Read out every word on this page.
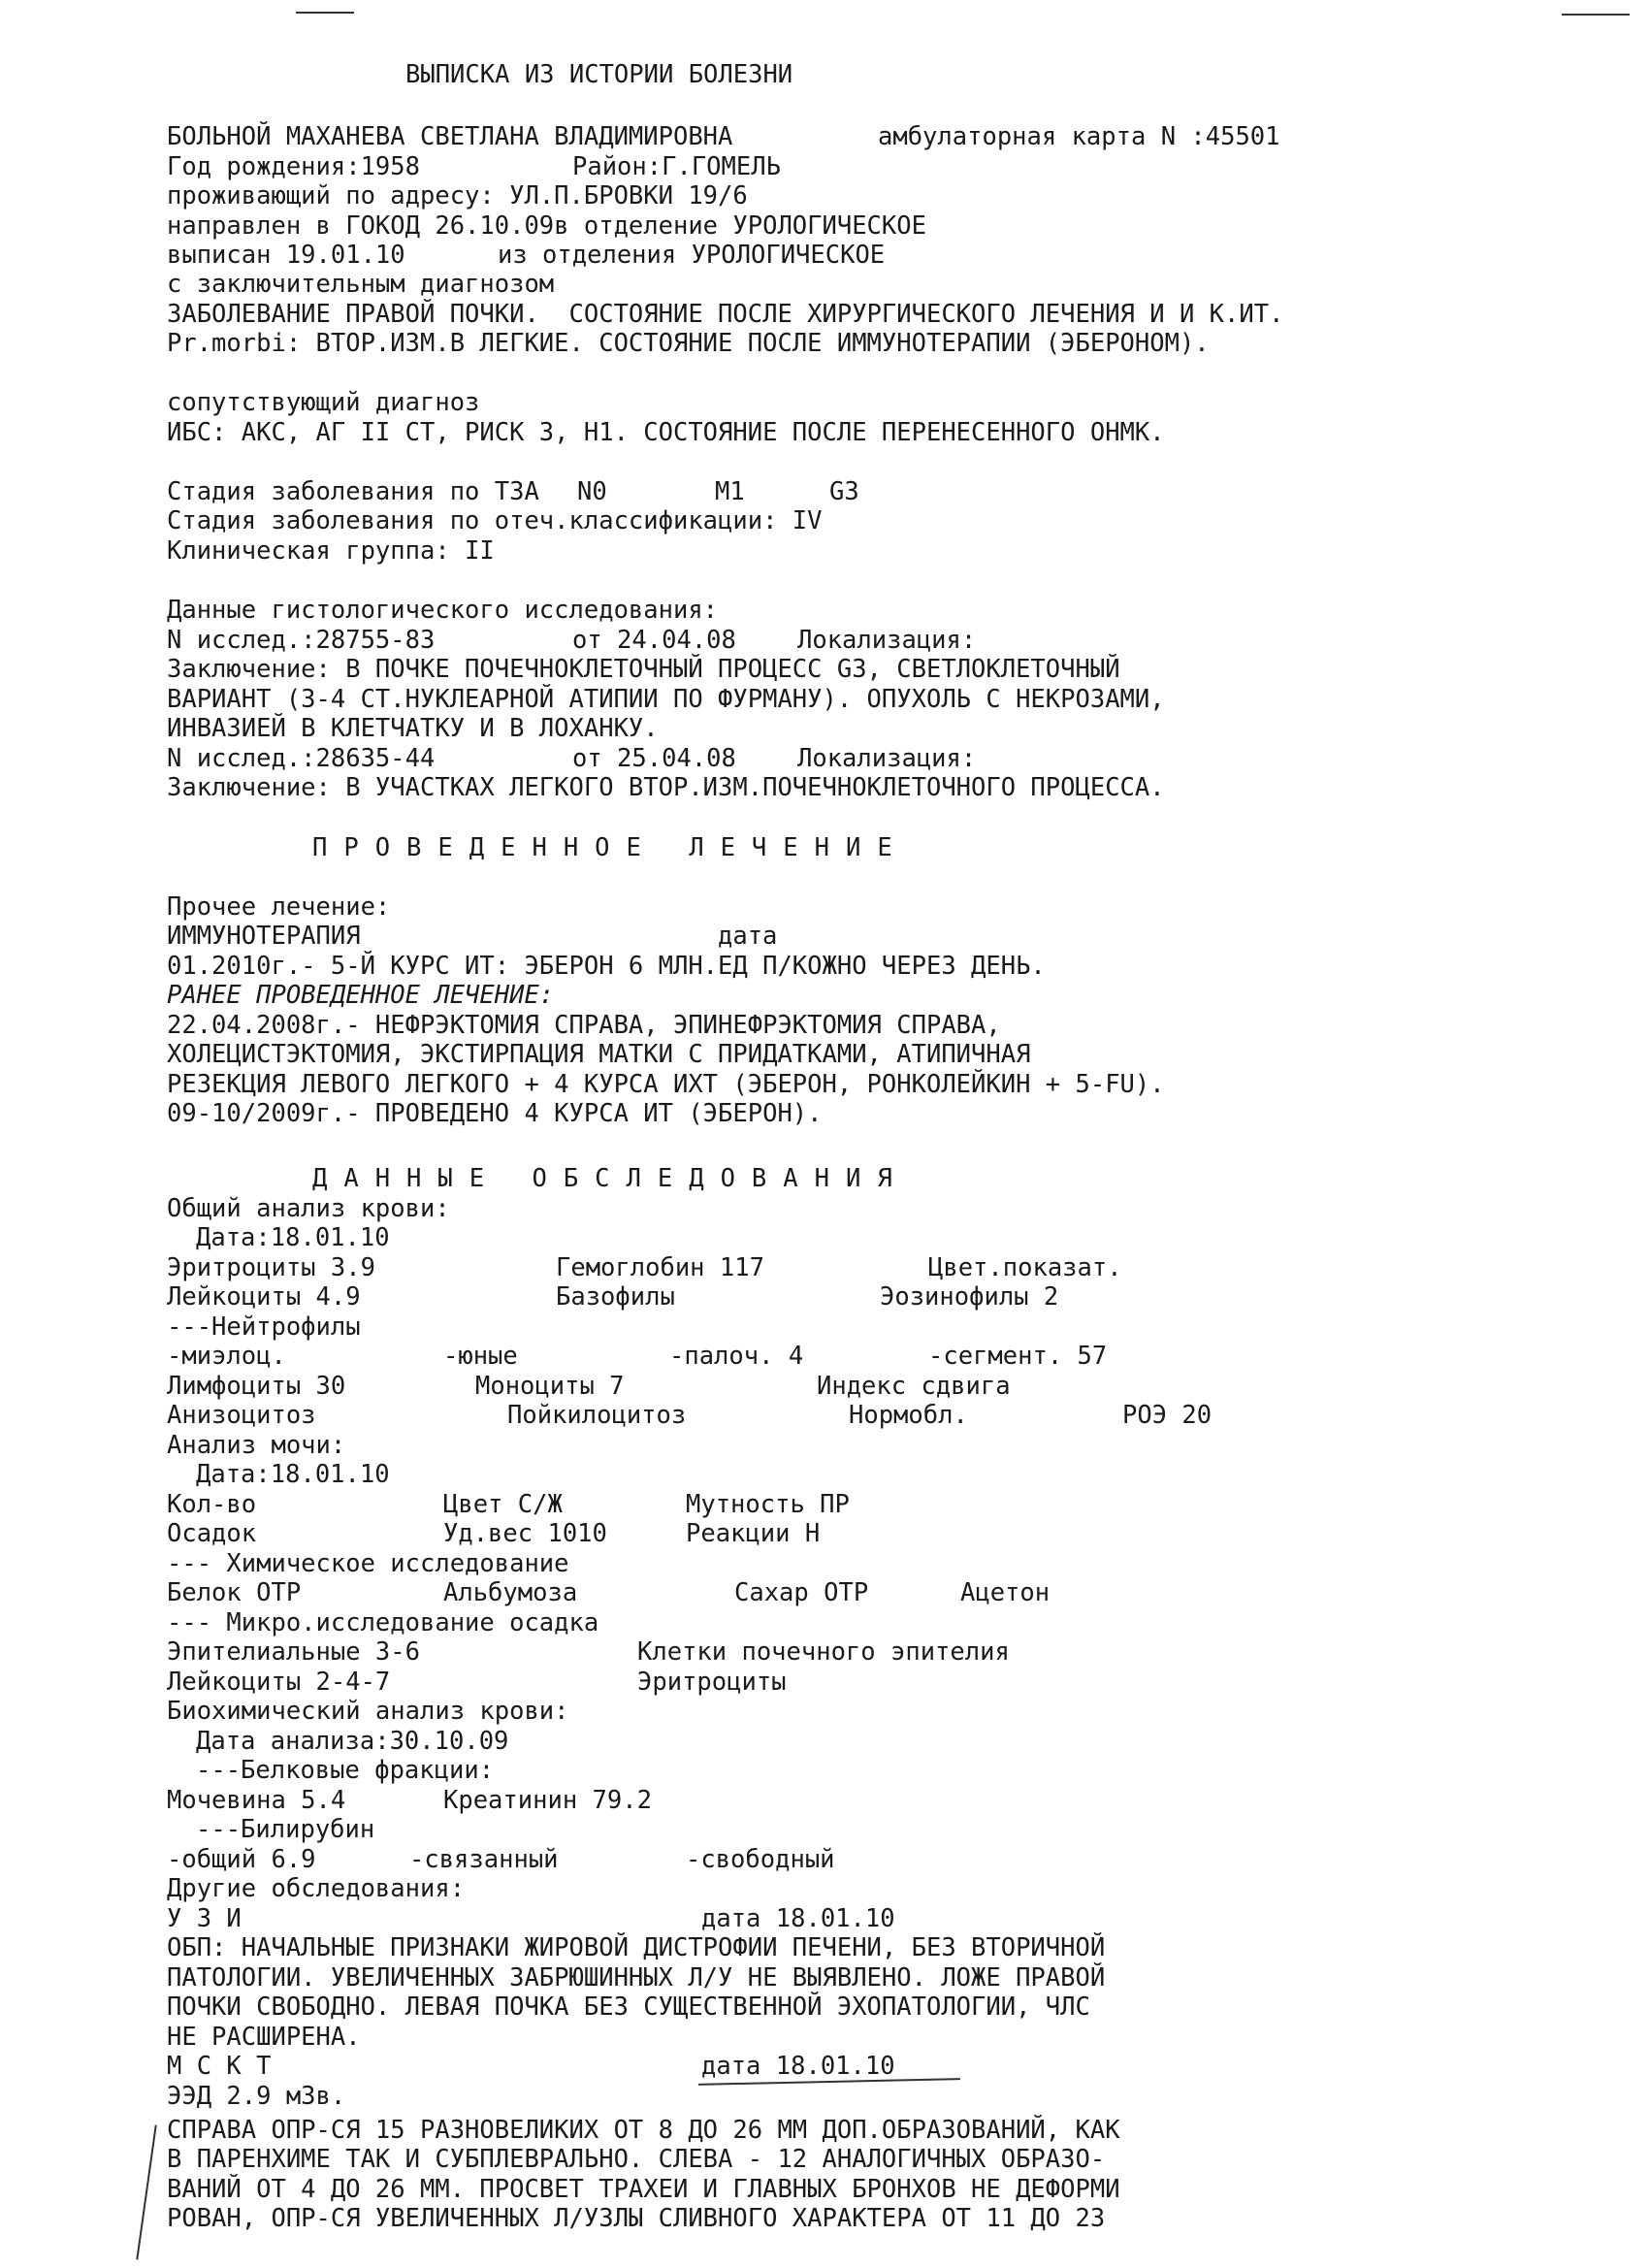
ВЫПИСКА ИЗ ИСТОРИИ БОЛЕЗНИ
БОЛЬНОЙ МАХАНЕВА СВЕТЛАНА ВЛАДИМИРОВНА	амбулаторная карта N :45501
Год рождения:1958	Район:Г.ГОМЕЛЬ
проживающий по адресу: УЛ.П.БРОВКИ 19/6
направлен в ГОКОД 26.10.09в отделение УРОЛОГИЧЕСКОЕ
выписан 19.01.10	из отделения УРОЛОГИЧЕСКОЕ
с заключительным диагнозом
ЗАБОЛЕВАНИЕ ПРАВОЙ ПОЧКИ.  СОСТОЯНИЕ ПОСЛЕ ХИРУРГИЧЕСКОГО ЛЕЧЕНИЯ И И К.ИТ.
Pr.morbi: ВТОР.ИЗМ.В ЛЕГКИЕ. СОСТОЯНИЕ ПОСЛЕ ИММУНОТЕРАПИИ (ЭБЕРОНОМ).
сопутствующий диагноз
ИБС: АКС, АГ II СТ, РИСК 3, Н1. СОСТОЯНИЕ ПОСЛЕ ПЕРЕНЕСЕННОГО ОНМК.
Стадия заболевания по T3A N0	M1	G3
Стадия заболевания по отеч.классификации: IV
Клиническая группа: II
Данные гистологического исследования:
N исслед.:28755-83	от 24.04.08 Локализация:
Заключение: В ПОЧКЕ ПОЧЕЧНОКЛЕТОЧНЫЙ ПРОЦЕСС G3, СВЕТЛОКЛЕТОЧНЫЙ
ВАРИАНТ (3-4 СТ.НУКЛЕАРНОЙ АТИПИИ ПО ФУРМАНУ). ОПУХОЛЬ С НЕКРОЗАМИ,
ИНВАЗИЕЙ В КЛЕТЧАТКУ И В ЛОХАНКУ.
N исслед.:28635-44	от 25.04.08 Локализация:
Заключение: В УЧАСТКАХ ЛЕГКОГО ВТОР.ИЗМ.ПОЧЕЧНОКЛЕТОЧНОГО ПРОЦЕССА.
ПРОВЕДЕННОЕ ЛЕЧЕНИЕ
Прочее лечение:
ИММУНОТЕРАПИЯ	дата
01.2010г.- 5-Й КУРС ИТ: ЭБЕРОН 6 МЛН.ЕД П/КОЖНО ЧЕРЕЗ ДЕНЬ.
РАНЕЕ ПРОВЕДЕННОЕ ЛЕЧЕНИЕ:
22.04.2008г.- НЕФРЭКТОМИЯ СПРАВА, ЭПИНЕФРЭКТОМИЯ СПРАВА,
ХОЛЕЦИСТЭКТОМИЯ, ЭКСТИРПАЦИЯ МАТКИ С ПРИДАТКАМИ, АТИПИЧНАЯ
РЕЗЕКЦИЯ ЛЕВОГО ЛЕГКОГО + 4 КУРСА ИХТ (ЭБЕРОН, РОНКОЛЕЙКИН + 5-FU).
09-10/2009г.- ПРОВЕДЕНО 4 КУРСА ИТ (ЭБЕРОН).
ДАННЫЕ ОБСЛЕДОВАНИЯ
Общий анализ крови:
Дата:18.01.10
Эритроциты 3.9	Гемоглобин 117	Цвет.показат.
Лейкоциты 4.9	Базофилы	Эозинофилы 2
---Нейтрофилы
-миэлоц.	-юные	-палоч. 4	-сегмент. 57
Лимфоциты 30	Моноциты 7	Индекс сдвига
Анизоцитоз	Пойкилоцитоз	Нормобл.	РОЭ 20
Анализ мочи:
Дата:18.01.10
Кол-во	Цвет С/Ж	Мутность ПР
Осадок	Уд.вес 1010	Реакции Н
--- Химическое исследование
Белок ОТР	Альбумоза	Сахар ОТР	Ацетон
--- Микро.исследование осадка
Эпителиальные 3-6	Клетки почечного эпителия
Лейкоциты 2-4-7	Эритроциты
Биохимический анализ крови:
Дата анализа:30.10.09
---Белковые фракции:
Мочевина 5.4	Креатинин 79.2
---Билирубин
-общий 6.9	-связанный	-свободный
Другие обследования:
У З И	дата 18.01.10
ОБП: НАЧАЛЬНЫЕ ПРИЗНАКИ ЖИРОВОЙ ДИСТРОФИИ ПЕЧЕНИ, БЕЗ ВТОРИЧНОЙ
ПАТОЛОГИИ. УВЕЛИЧЕННЫХ ЗАБРЮШИННЫХ Л/У НЕ ВЫЯВЛЕНО. ЛОЖЕ ПРАВОЙ
ПОЧКИ СВОБОДНО. ЛЕВАЯ ПОЧКА БЕЗ СУЩЕСТВЕННОЙ ЭХОПАТОЛОГИИ, ЧЛС
НЕ РАСШИРЕНА.
М С К Т	дата 18.01.10
ЭЭД 2.9 мЗв.
СПРАВА ОПР-СЯ 15 РАЗНОВЕЛИКИХ ОТ 8 ДО 26 ММ ДОП.ОБРАЗОВАНИЙ, КАК
В ПАРЕНХИМЕ ТАК И СУБПЛЕВРАЛЬНО. СЛЕВА - 12 АНАЛОГИЧНЫХ ОБРАЗО-
ВАНИЙ ОТ 4 ДО 26 ММ. ПРОСВЕТ ТРАХЕИ И ГЛАВНЫХ БРОНХОВ НЕ ДЕФОРМИ
РОВАН, ОПР-СЯ УВЕЛИЧЕННЫХ Л/УЗЛЫ СЛИВНОГО ХАРАКТЕРА ОТ 11 ДО 23
